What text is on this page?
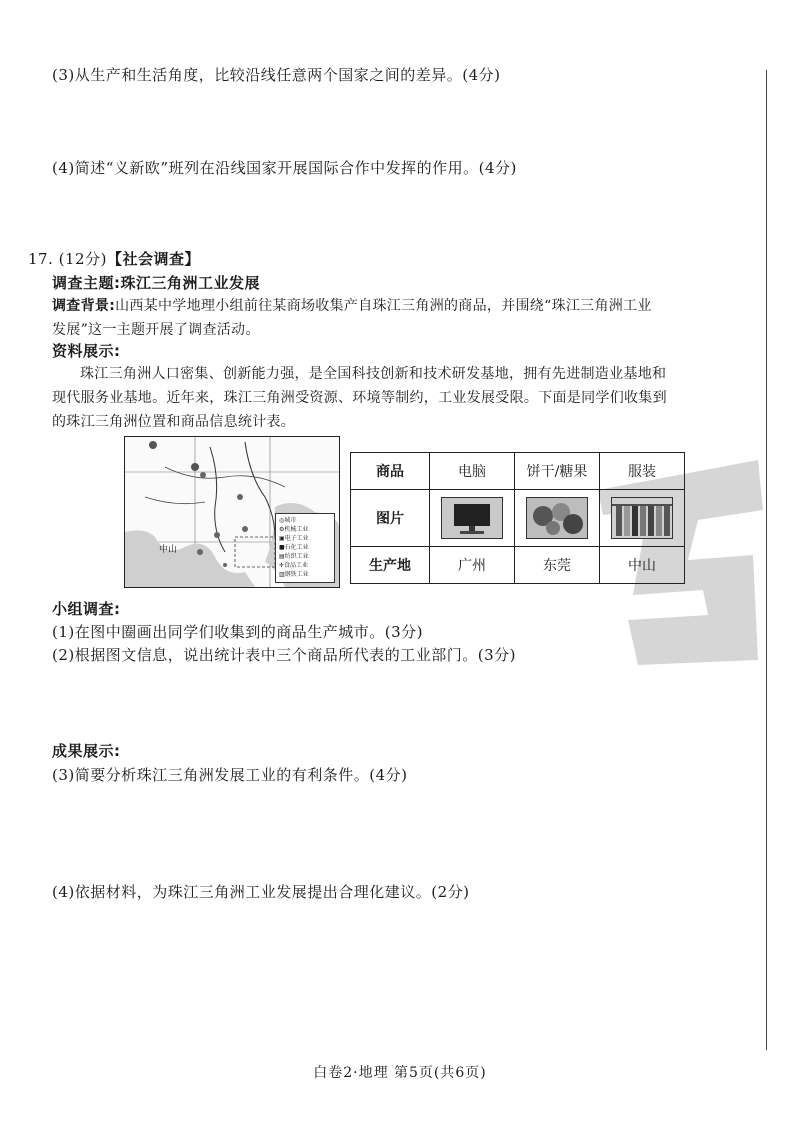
(3)从生产和生活角度，比较沿线任意两个国家之间的差异。(4分)
(4)简述“义新欧”班列在沿线国家开展国际合作中发挥的作用。(4分)
17. (12分)【社会调查】
调查主题:珠江三角洲工业发展
调查背景:山西某中学地理小组前往某商场收集产自珠江三角洲的商品，并围绕“珠江三角洲工业
发展”这一主题开展了调查活动。
资料展示:
珠江三角洲人口密集、创新能力强，是全国科技创新和技术研发基地，拥有先进制造业基地和
现代服务业基地。近年来，珠江三角洲受资源、环境等制约，工业发展受限。下面是同学们收集到
的珠江三角洲位置和商品信息统计表。
中山
◎城市
⚙机械工业
▣电子工业
■石化工业
▤纺织工业
✢食品工业
▥钢铁工业
商品	电脑	饼干/糖果	服装
图片	

生产地	广州	东莞	中山
小组调查:
(1)在图中圈画出同学们收集到的商品生产城市。(3分)
(2)根据图文信息，说出统计表中三个商品所代表的工业部门。(3分)
成果展示:
(3)简要分析珠江三角洲发展工业的有利条件。(4分)
(4)依据材料，为珠江三角洲工业发展提出合理化建议。(2分)
白卷2·地理 第5页(共6页)
